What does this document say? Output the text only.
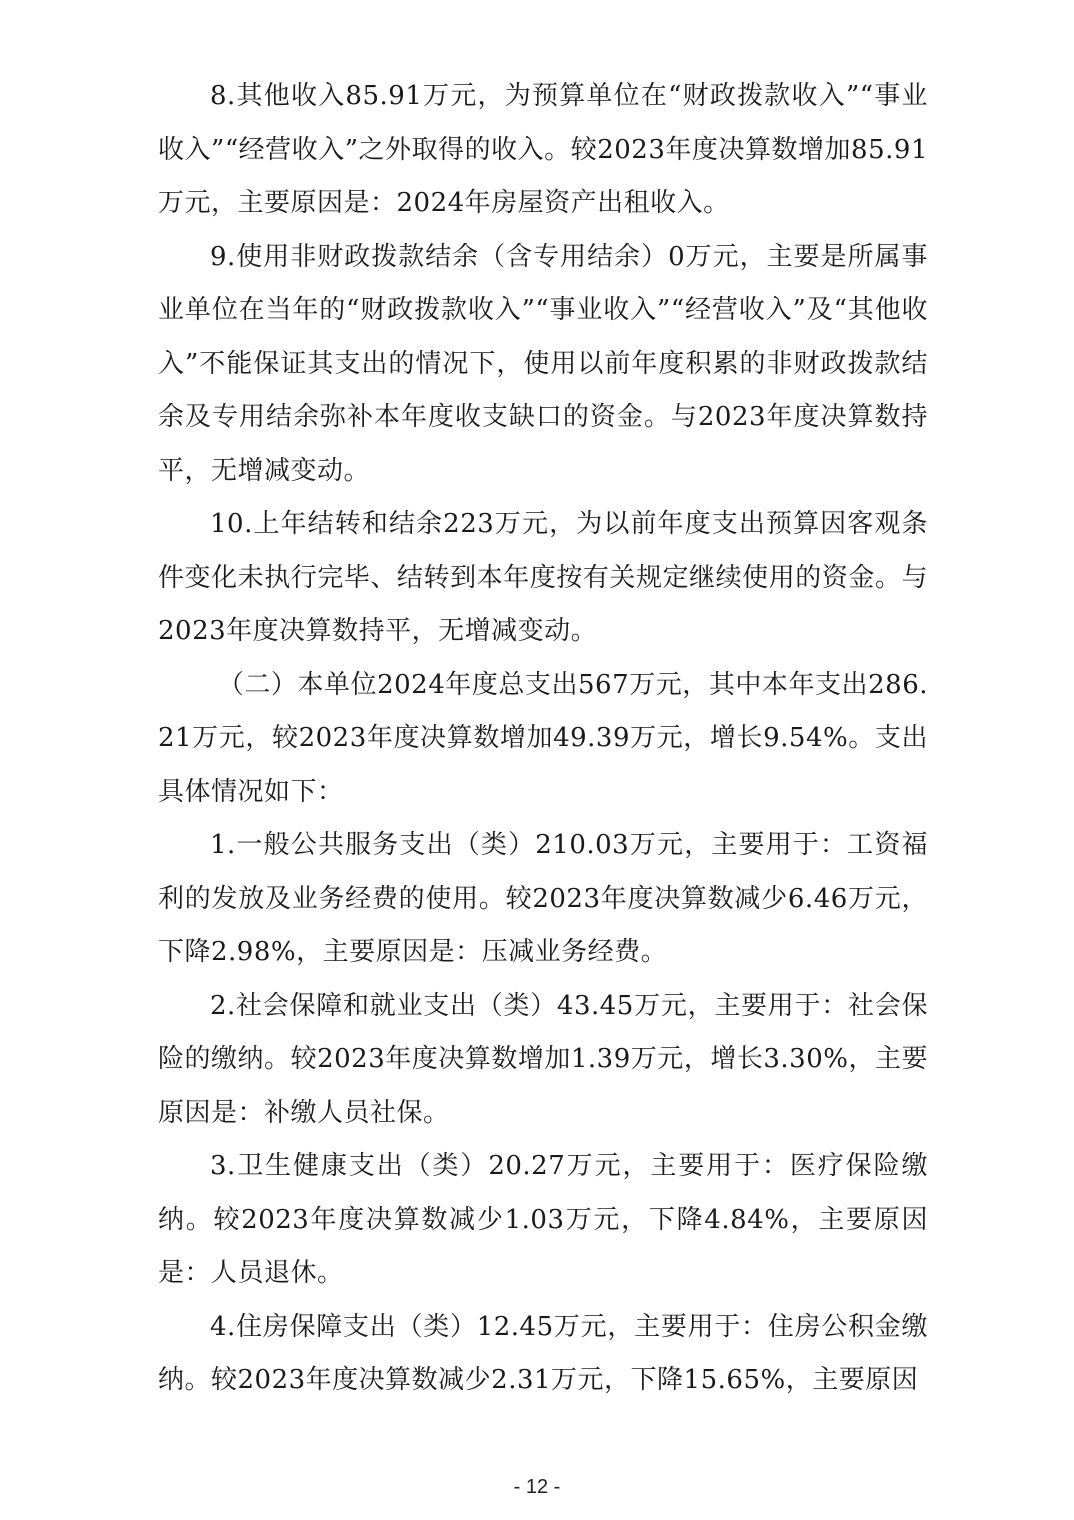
8.其他收入85.91万元，为预算单位在“财政拨款收入”“事业收入”“经营收入”之外取得的收入。较2023年度决算数增加85.91万元，主要原因是：2024年房屋资产出租收入。

9.使用非财政拨款结余（含专用结余）0万元，主要是所属事业单位在当年的“财政拨款收入”“事业收入”“经营收入”及“其他收入”不能保证其支出的情况下，使用以前年度积累的非财政拨款结余及专用结余弥补本年度收支缺口的资金。与2023年度决算数持平，无增减变动。

10.上年结转和结余223万元，为以前年度支出预算因客观条件变化未执行完毕、结转到本年度按有关规定继续使用的资金。与2023年度决算数持平，无增减变动。

（二）本单位2024年度总支出567万元，其中本年支出286.21万元，较2023年度决算数增加49.39万元，增长9.54%。支出具体情况如下：

1.一般公共服务支出（类）210.03万元，主要用于：工资福利的发放及业务经费的使用。较2023年度决算数减少6.46万元，下降2.98%，主要原因是：压减业务经费。

2.社会保障和就业支出（类）43.45万元，主要用于：社会保险的缴纳。较2023年度决算数增加1.39万元，增长3.30%，主要原因是：补缴人员社保。

3.卫生健康支出（类）20.27万元，主要用于：医疗保险缴纳。较2023年度决算数减少1.03万元，下降4.84%，主要原因是：人员退休。

4.住房保障支出（类）12.45万元，主要用于：住房公积金缴纳。较2023年度决算数减少2.31万元，下降15.65%，主要原因

- 12 -
